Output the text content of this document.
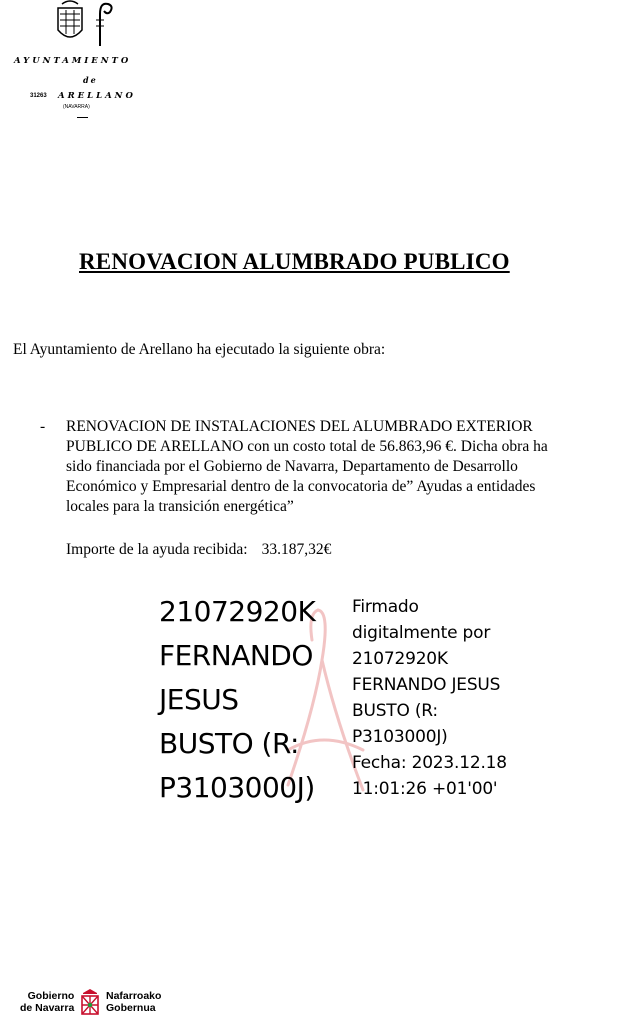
AYUNTAMIENTO
de
31263 ARELLANO
(NAVARRA)
RENOVACION ALUMBRADO PUBLICO
El Ayuntamiento de Arellano ha ejecutado la siguiente obra:
- RENOVACION DE INSTALACIONES DEL ALUMBRADO EXTERIOR
PUBLICO DE ARELLANO con un costo total de 56.863,96 €. Dicha obra ha
sido financiada por el Gobierno de Navarra, Departamento de Desarrollo
Económico y Empresarial dentro de la convocatoria de” Ayudas a entidades
locales para la transición energética”
Importe de la ayuda recibida: 33.187,32€
21072920K
FERNANDO
JESUS
BUSTO (R:
P3103000J)
Firmado
digitalmente por
21072920K
FERNANDO JESUS
BUSTO (R:
P3103000J)
Fecha: 2023.12.18
11:01:26 +01'00'
Gobierno
de Navarra
Nafarroako
Gobernua
